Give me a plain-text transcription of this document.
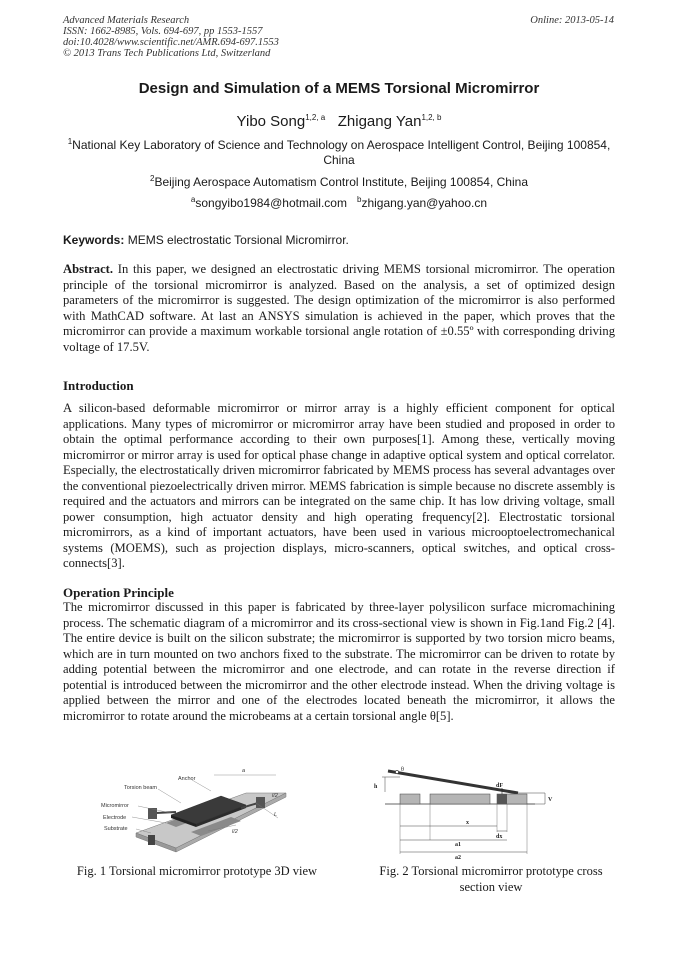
Advanced Materials Research
ISSN: 1662-8985, Vols. 694-697, pp 1553-1557
doi:10.4028/www.scientific.net/AMR.694-697.1553
© 2013 Trans Tech Publications Ltd, Switzerland
Online: 2013-05-14
Design and Simulation of a MEMS Torsional Micromirror
Yibo Song$^{1,2, a}$ Zhigang Yan$^{1,2, b}$
$^1$National Key Laboratory of Science and Technology on Aerospace Intelligent Control, Beijing 100854, China
$^2$Beijing Aerospace Automatism Control Institute, Beijing 100854, China
$^a$songyibo1984@hotmail.com $^b$zhigang.yan@yahoo.cn
Keywords: MEMS electrostatic Torsional Micromirror.
Abstract. In this paper, we designed an electrostatic driving MEMS torsional micromirror. The operation principle of the torsional micromirror is analyzed. Based on the analysis, a set of optimized design parameters of the micromirror is suggested. The design optimization of the micromirror is also performed with MathCAD software. At last an ANSYS simulation is achieved in the paper, which proves that the micromirror can provide a maximum workable torsional angle rotation of ±0.55º with corresponding driving voltage of 17.5V.
Introduction
A silicon-based deformable micromirror or mirror array is a highly efficient component for optical applications. Many types of micromirror or micromirror array have been studied and proposed in order to obtain the optimal performance according to their own purposes[1]. Among these, vertically moving micromirror or mirror array is used for optical phase change in adaptive optical system and optical correlator. Especially, the electrostatically driven micromirror fabricated by MEMS process has several advantages over the conventional piezoelectrically driven mirror. MEMS fabrication is simple because no discrete assembly is required and the actuators and mirrors can be integrated on the same chip. It has low driving voltage, small power consumption, high actuator density and high operating frequency[2]. Electrostatic torsional micromirrors, as a kind of important actuators, have been used in various microoptoelectromechanical systems (MOEMS), such as projection displays, micro-scanners, optical switches, and optical cross-connects[3].
Operation Principle
The micromirror discussed in this paper is fabricated by three-layer polysilicon surface micromachining process. The schematic diagram of a micromirror and its cross-sectional view is shown in Fig.1and Fig.2 [4]. The entire device is built on the silicon substrate; the micromirror is supported by two torsion micro beams, which are in turn mounted on two anchors fixed to the substrate. The micromirror can be driven to rotate by adding potential between the micromirror and one electrode, and can rotate in the reverse direction if potential is introduced between the micromirror and the other electrode instead. When the driving voltage is applied between the mirror and one of the electrodes located beneath the micromirror, it allows the micromirror to rotate around the microbeams at a certain torsional angle θ[5].
Anchor
Torsion beam
Micromirror
Electrode
Substrate
a
l/2
L
l/2
h
θ
dF
V
x
dx
a1
a2
Fig. 1 Torsional micromirror prototype 3D view	Fig. 2 Torsional micromirror prototype cross section view
